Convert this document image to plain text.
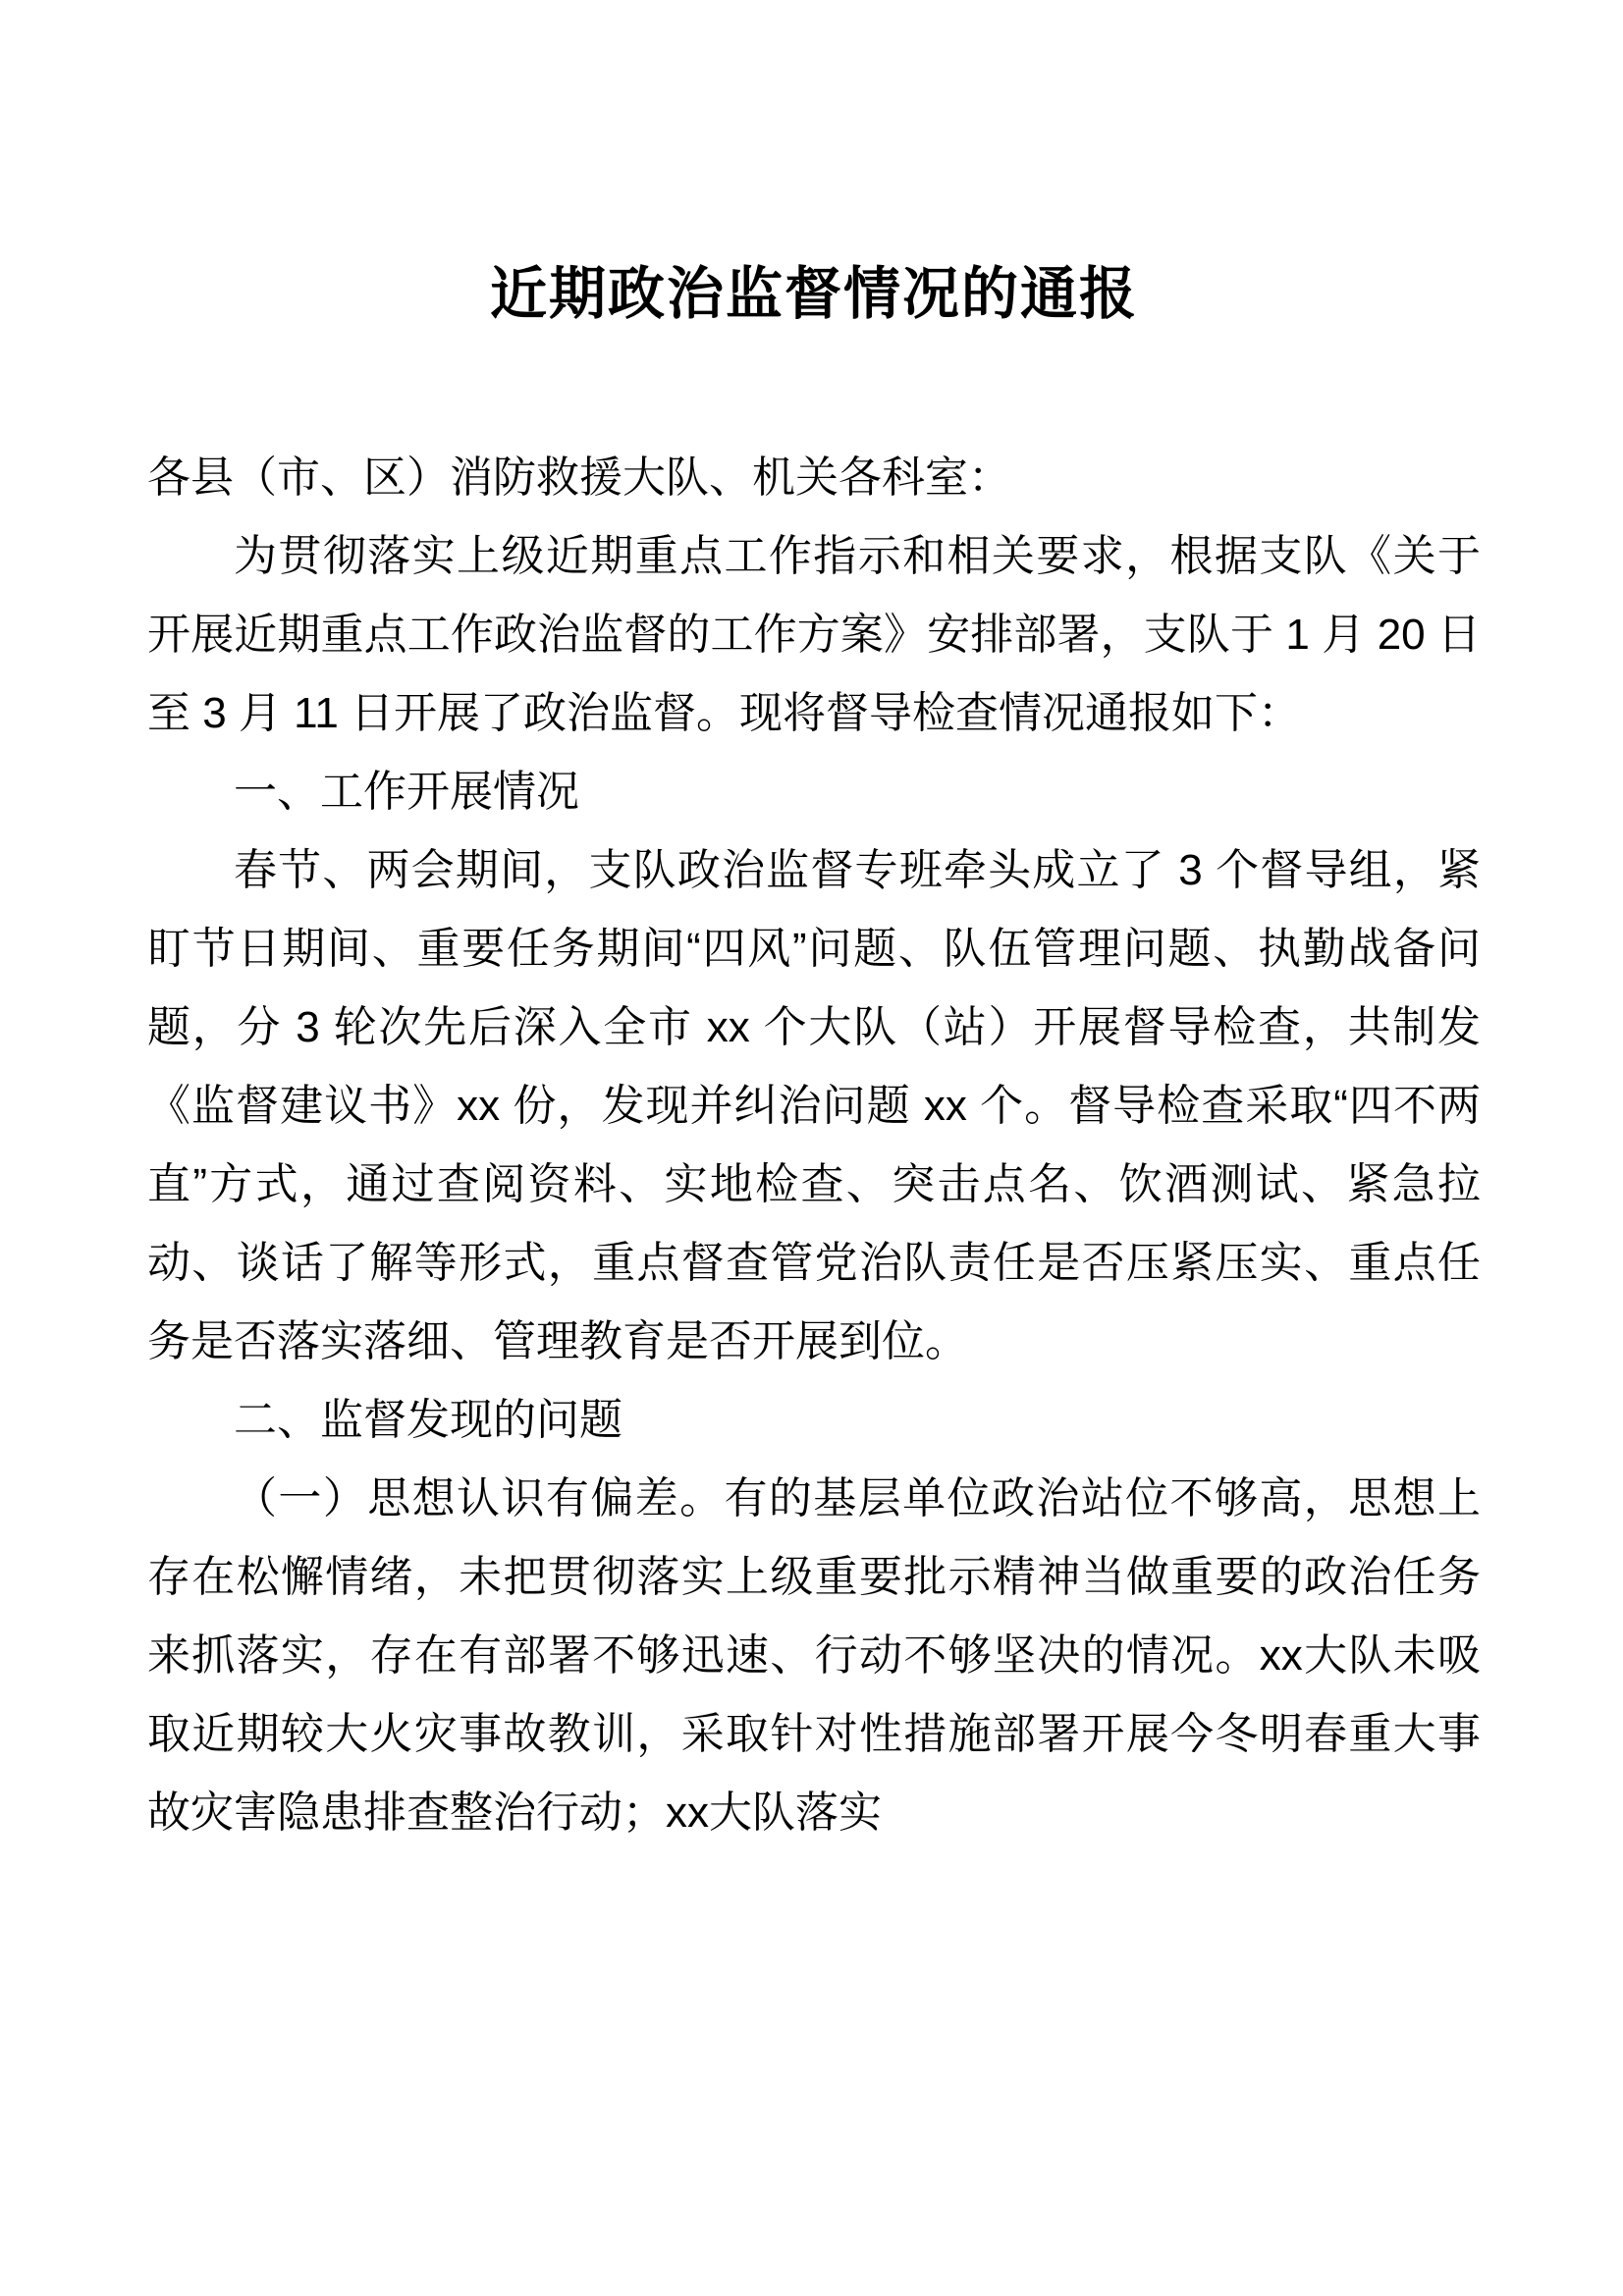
近期政治监督情况的通报

各县（市、区）消防救援大队、机关各科室：

为贯彻落实上级近期重点工作指示和相关要求，根据支队《关于开展近期重点工作政治监督的工作方案》安排部署，支队于 1 月 20 日至 3 月 11 日开展了政治监督。现将督导检查情况通报如下：

一、工作开展情况

春节、两会期间，支队政治监督专班牵头成立了 3 个督导组，紧盯节日期间、重要任务期间“四风”问题、队伍管理问题、执勤战备问题，分 3 轮次先后深入全市 xx 个大队（站）开展督导检查，共制发《监督建议书》xx 份，发现并纠治问题 xx 个。督导检查采取“四不两直”方式，通过查阅资料、实地检查、突击点名、饮酒测试、紧急拉动、谈话了解等形式，重点督查管党治队责任是否压紧压实、重点任务是否落实落细、管理教育是否开展到位。

二、监督发现的问题

（一）思想认识有偏差。有的基层单位政治站位不够高，思想上存在松懈情绪，未把贯彻落实上级重要批示精神当做重要的政治任务来抓落实，存在有部署不够迅速、行动不够坚决的情况。xx大队未吸取近期较大火灾事故教训，采取针对性措施部署开展今冬明春重大事故灾害隐患排查整治行动；xx大队落实
